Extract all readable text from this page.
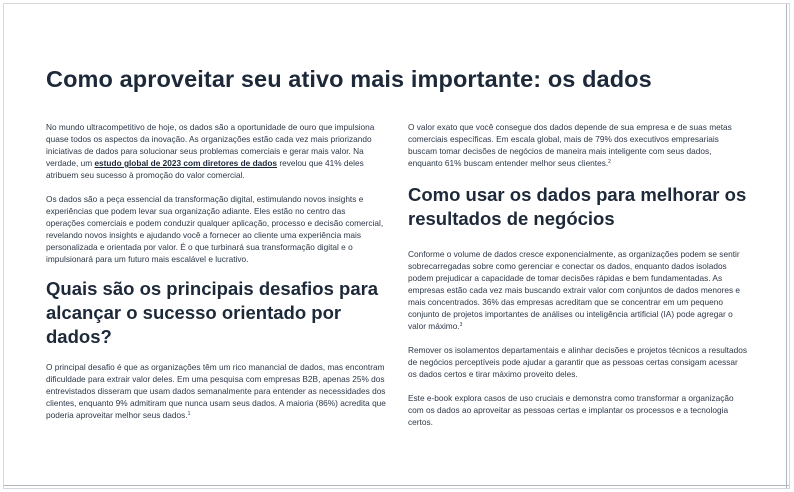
Como aproveitar seu ativo mais importante: os dados

No mundo ultracompetitivo de hoje, os dados são a oportunidade de ouro que impulsiona quase todos os aspectos da inovação. As organizações estão cada vez mais priorizando iniciativas de dados para solucionar seus problemas comerciais e gerar mais valor. Na verdade, um estudo global de 2023 com diretores de dados revelou que 41% deles atribuem seu sucesso à promoção do valor comercial.

Os dados são a peça essencial da transformação digital, estimulando novos insights e experiências que podem levar sua organização adiante. Eles estão no centro das operações comerciais e podem conduzir qualquer aplicação, processo e decisão comercial, revelando novos insights e ajudando você a fornecer ao cliente uma experiência mais personalizada e orientada por valor. É o que turbinará sua transformação digital e o impulsionará para um futuro mais escalável e lucrativo.

Quais são os principais desafios para alcançar o sucesso orientado por dados?

O principal desafio é que as organizações têm um rico manancial de dados, mas encontram dificuldade para extrair valor deles. Em uma pesquisa com empresas B2B, apenas 25% dos entrevistados disseram que usam dados semanalmente para entender as necessidades dos clientes, enquanto 9% admitiram que nunca usam seus dados. A maioria (86%) acredita que poderia aproveitar melhor seus dados.$^1$

O valor exato que você consegue dos dados depende de sua empresa e de suas metas comerciais específicas. Em escala global, mais de 79% dos executivos empresariais buscam tomar decisões de negócios de maneira mais inteligente com seus dados, enquanto 61% buscam entender melhor seus clientes.$^2$

Como usar os dados para melhorar os resultados de negócios

Conforme o volume de dados cresce exponencialmente, as organizações podem se sentir sobrecarregadas sobre como gerenciar e conectar os dados, enquanto dados isolados podem prejudicar a capacidade de tomar decisões rápidas e bem fundamentadas. As empresas estão cada vez mais buscando extrair valor com conjuntos de dados menores e mais concentrados. 36% das empresas acreditam que se concentrar em um pequeno conjunto de projetos importantes de análises ou inteligência artificial (IA) pode agregar o valor máximo.$^3$

Remover os isolamentos departamentais e alinhar decisões e projetos técnicos a resultados de negócios perceptíveis pode ajudar a garantir que as pessoas certas consigam acessar os dados certos e tirar máximo proveito deles.

Este e-book explora casos de uso cruciais e demonstra como transformar a organização com os dados ao aproveitar as pessoas certas e implantar os processos e a tecnologia certos.
